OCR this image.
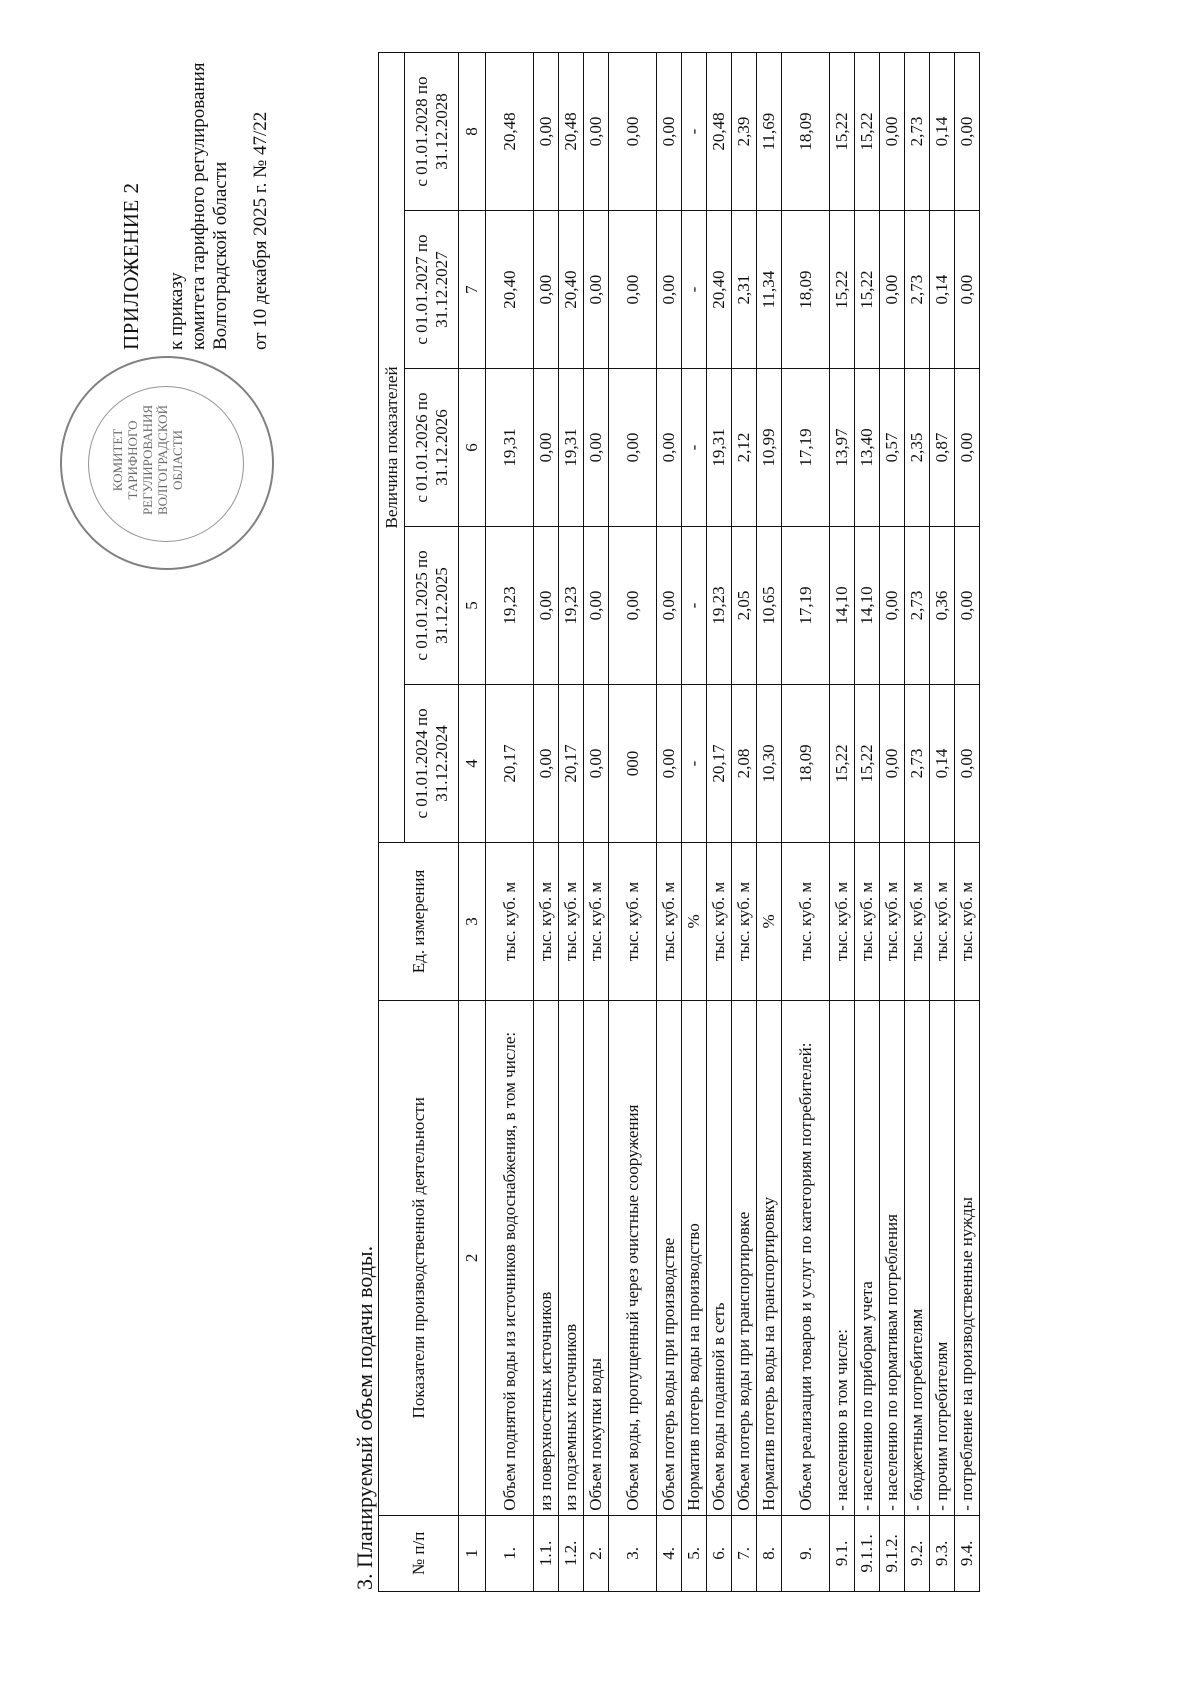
КОМИТЕТ ТАРИФНОГО РЕГУЛИРОВАНИЯ ВОЛГОГРАДСКОЙ ОБЛАСТИ
ПРИЛОЖЕНИЕ 2 к приказу комитета тарифного регулирования Волгоградской области от 10 декабря 2025 г. № 47/22
3. Планируемый объем подачи воды. № п/п	Показатели производственной деятельности	Ед. измерения	Величина показателей				
			с 01.01.2024 по 31.12.2024	с 01.01.2025 по 31.12.2025	с 01.01.2026 по 31.12.2026	с 01.01.2027 по 31.12.2027	с 01.01.2028 по 31.12.2028
1	2	3	4	5	6	7	8
1.	Объем поднятой воды из источников водоснабжения, в том числе:	тыс. куб. м	20,17	19,23	19,31	20,40	20,48
1.1.	из поверхностных источников	тыс. куб. м	0,00	0,00	0,00	0,00	0,00
1.2.	из подземных источников	тыс. куб. м	20,17	19,23	19,31	20,40	20,48
2.	Объем покупки воды	тыс. куб. м	0,00	0,00	0,00	0,00	0,00
3.	Объем воды, пропущенный через очистные сооружения	тыс. куб. м	000	0,00	0,00	0,00	0,00
4.	Объем потерь воды при производстве	тыс. куб. м	0,00	0,00	0,00	0,00	0,00
5.	Норматив потерь воды на производство	%	-	-	-	-	-
6.	Объем воды поданной в сеть	тыс. куб. м	20,17	19,23	19,31	20,40	20,48
7.	Объем потерь воды при транспортировке	тыс. куб. м	2,08	2,05	2,12	2,31	2,39
8.	Норматив потерь воды на транспортировку	%	10,30	10,65	10,99	11,34	11,69
9.	Объем реализации товаров и услуг по категориям потребителей:	тыс. куб. м	18,09	17,19	17,19	18,09	18,09
9.1.	- населению в том числе:	тыс. куб. м	15,22	14,10	13,97	15,22	15,22
9.1.1.	- населению по приборам учета	тыс. куб. м	15,22	14,10	13,40	15,22	15,22
9.1.2.	- населению по нормативам потребления	тыс. куб. м	0,00	0,00	0,57	0,00	0,00
9.2.	- бюджетным потребителям	тыс. куб. м	2,73	2,73	2,35	2,73	2,73
9.3.	- прочим потребителям	тыс. куб. м	0,14	0,36	0,87	0,14	0,14
9.4.	- потребление на производственные нужды	тыс. куб. м	0,00	0,00	0,00	0,00	0,00
